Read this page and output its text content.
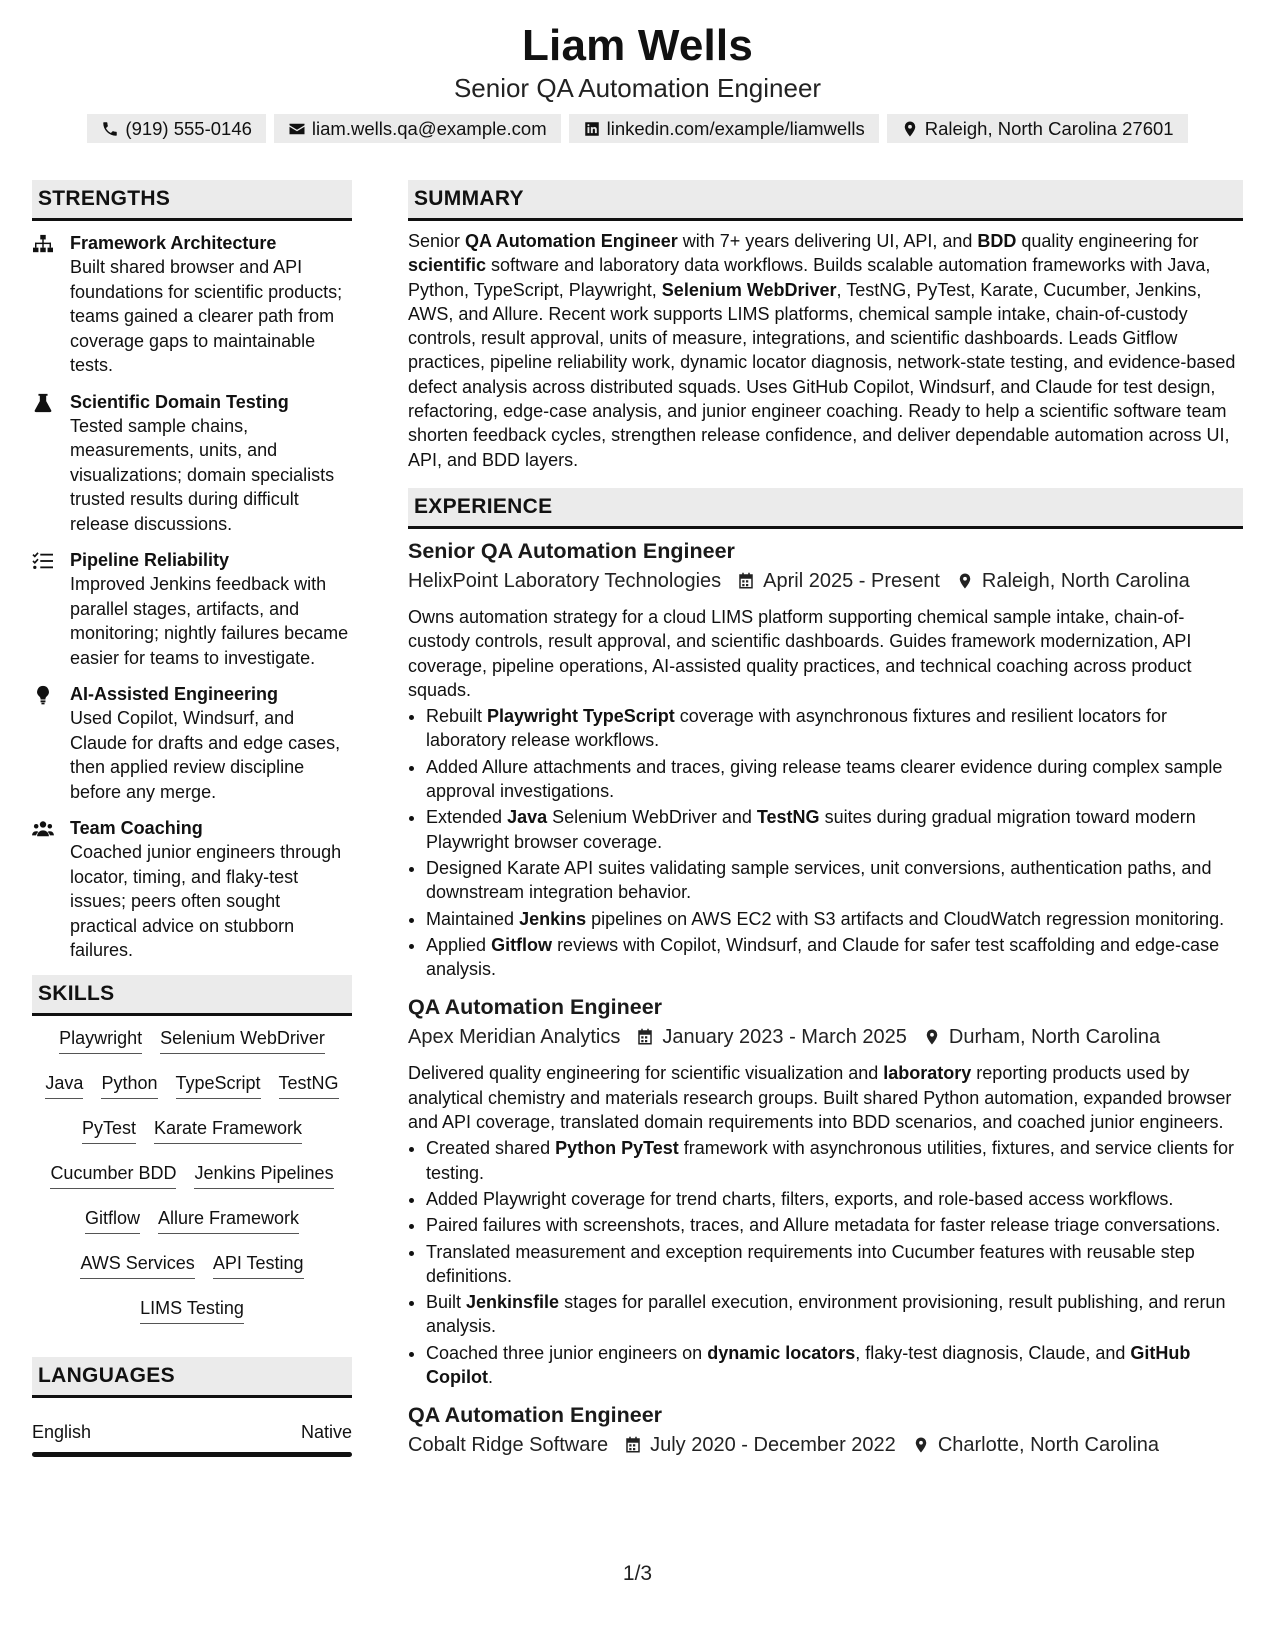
Liam Wells
Senior QA Automation Engineer
(919) 555-0146	liam.wells.qa@example.com	linkedin.com/example/liamwells	Raleigh, North Carolina 27601
STRENGTHS
Framework Architecture
Built shared browser and API foundations for scientific products; teams gained a clearer path from coverage gaps to maintainable tests.
Scientific Domain Testing
Tested sample chains, measurements, units, and visualizations; domain specialists trusted results during difficult release discussions.
Pipeline Reliability
Improved Jenkins feedback with parallel stages, artifacts, and monitoring; nightly failures became easier for teams to investigate.
AI-Assisted Engineering
Used Copilot, Windsurf, and Claude for drafts and edge cases, then applied review discipline before any merge.
Team Coaching
Coached junior engineers through locator, timing, and flaky-test issues; peers often sought practical advice on stubborn failures.
SKILLS
Playwright Selenium WebDriver
Java Python TypeScript TestNG
PyTest Karate Framework
Cucumber BDD Jenkins Pipelines
Gitflow Allure Framework
AWS Services API Testing
LIMS Testing
LANGUAGES
English	Native
SUMMARY
Senior QA Automation Engineer with 7+ years delivering UI, API, and BDD quality engineering for scientific software and laboratory data workflows. Builds scalable automation frameworks with Java, Python, TypeScript, Playwright, Selenium WebDriver, TestNG, PyTest, Karate, Cucumber, Jenkins, AWS, and Allure. Recent work supports LIMS platforms, chemical sample intake, chain-of-custody controls, result approval, units of measure, integrations, and scientific dashboards. Leads Gitflow practices, pipeline reliability work, dynamic locator diagnosis, network-state testing, and evidence-based defect analysis across distributed squads. Uses GitHub Copilot, Windsurf, and Claude for test design, refactoring, edge-case analysis, and junior engineer coaching. Ready to help a scientific software team shorten feedback cycles, strengthen release confidence, and deliver dependable automation across UI, API, and BDD layers.
EXPERIENCE
Senior QA Automation Engineer
HelixPoint Laboratory Technologies April 2025 - Present Raleigh, North Carolina
Owns automation strategy for a cloud LIMS platform supporting chemical sample intake, chain-of-custody controls, result approval, and scientific dashboards. Guides framework modernization, API coverage, pipeline operations, AI-assisted quality practices, and technical coaching across product squads.
• Rebuilt Playwright TypeScript coverage with asynchronous fixtures and resilient locators for laboratory release workflows.
• Added Allure attachments and traces, giving release teams clearer evidence during complex sample approval investigations.
• Extended Java Selenium WebDriver and TestNG suites during gradual migration toward modern Playwright browser coverage.
• Designed Karate API suites validating sample services, unit conversions, authentication paths, and downstream integration behavior.
• Maintained Jenkins pipelines on AWS EC2 with S3 artifacts and CloudWatch regression monitoring.
• Applied Gitflow reviews with Copilot, Windsurf, and Claude for safer test scaffolding and edge-case analysis.
QA Automation Engineer
Apex Meridian Analytics January 2023 - March 2025 Durham, North Carolina
Delivered quality engineering for scientific visualization and laboratory reporting products used by analytical chemistry and materials research groups. Built shared Python automation, expanded browser and API coverage, translated domain requirements into BDD scenarios, and coached junior engineers.
• Created shared Python PyTest framework with asynchronous utilities, fixtures, and service clients for testing.
• Added Playwright coverage for trend charts, filters, exports, and role-based access workflows.
• Paired failures with screenshots, traces, and Allure metadata for faster release triage conversations.
• Translated measurement and exception requirements into Cucumber features with reusable step definitions.
• Built Jenkinsfile stages for parallel execution, environment provisioning, result publishing, and rerun analysis.
• Coached three junior engineers on dynamic locators, flaky-test diagnosis, Claude, and GitHub Copilot.
QA Automation Engineer
Cobalt Ridge Software July 2020 - December 2022 Charlotte, North Carolina
1/3
